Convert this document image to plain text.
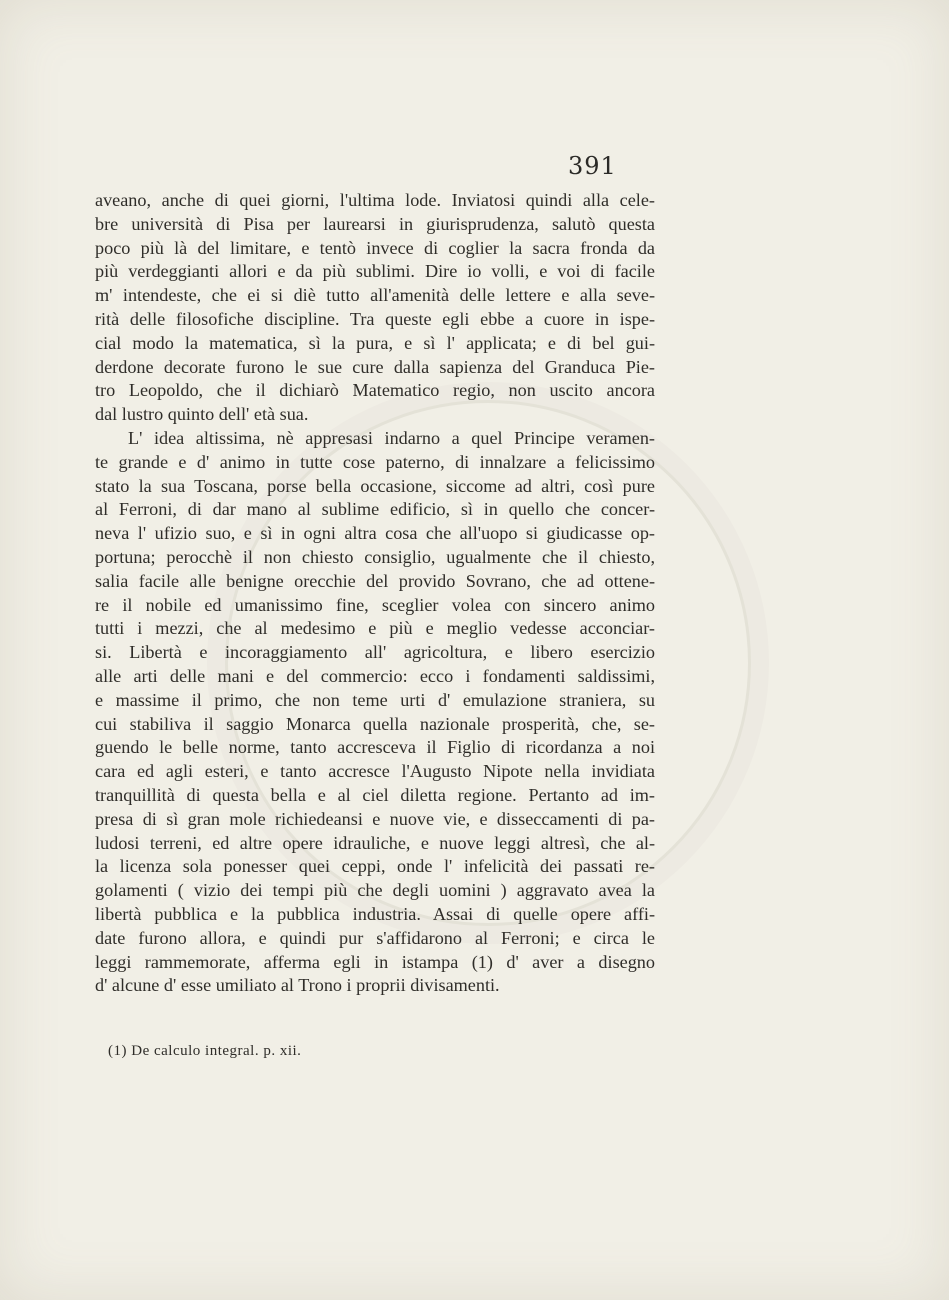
391
aveano, anche di quei giorni, l'ultima lode. Inviatosi quindi alla cele-
bre università di Pisa per laurearsi in giurisprudenza, salutò questa
poco più là del limitare, e tentò invece di coglier la sacra fronda da
più verdeggianti allori e da più sublimi. Dire io volli, e voi di facile
m' intendeste, che ei si diè tutto all'amenità delle lettere e alla seve-
rità delle filosofiche discipline. Tra queste egli ebbe a cuore in ispe-
cial modo la matematica, sì la pura, e sì l' applicata; e di bel gui-
derdone decorate furono le sue cure dalla sapienza del Granduca Pie-
tro Leopoldo, che il dichiarò Matematico regio, non uscito ancora
dal lustro quinto dell' età sua.
L' idea altissima, nè appresasi indarno a quel Principe veramen-
te grande e d' animo in tutte cose paterno, di innalzare a felicissimo
stato la sua Toscana, porse bella occasione, siccome ad altri, così pure
al Ferroni, di dar mano al sublime edificio, sì in quello che concer-
neva l' ufizio suo, e sì in ogni altra cosa che all'uopo si giudicasse op-
portuna; perocchè il non chiesto consiglio, ugualmente che il chiesto,
salia facile alle benigne orecchie del provido Sovrano, che ad ottene-
re il nobile ed umanissimo fine, sceglier volea con sincero animo
tutti i mezzi, che al medesimo e più e meglio vedesse acconciar-
si. Libertà e incoraggiamento all' agricoltura, e libero esercizio
alle arti delle mani e del commercio: ecco i fondamenti saldissimi,
e massime il primo, che non teme urti d' emulazione straniera, su
cui stabiliva il saggio Monarca quella nazionale prosperità, che, se-
guendo le belle norme, tanto accresceva il Figlio di ricordanza a noi
cara ed agli esteri, e tanto accresce l'Augusto Nipote nella invidiata
tranquillità di questa bella e al ciel diletta regione. Pertanto ad im-
presa di sì gran mole richiedeansi e nuove vie, e disseccamenti di pa-
ludosi terreni, ed altre opere idrauliche, e nuove leggi altresì, che al-
la licenza sola ponesser quei ceppi, onde l' infelicità dei passati re-
golamenti ( vizio dei tempi più che degli uomini ) aggravato avea la
libertà pubblica e la pubblica industria. Assai di quelle opere affi-
date furono allora, e quindi pur s'affidarono al Ferroni; e circa le
leggi rammemorate, afferma egli in istampa (1) d' aver a disegno
d' alcune d' esse umiliato al Trono i proprii divisamenti.
(1) De calculo integral. p. xii.
